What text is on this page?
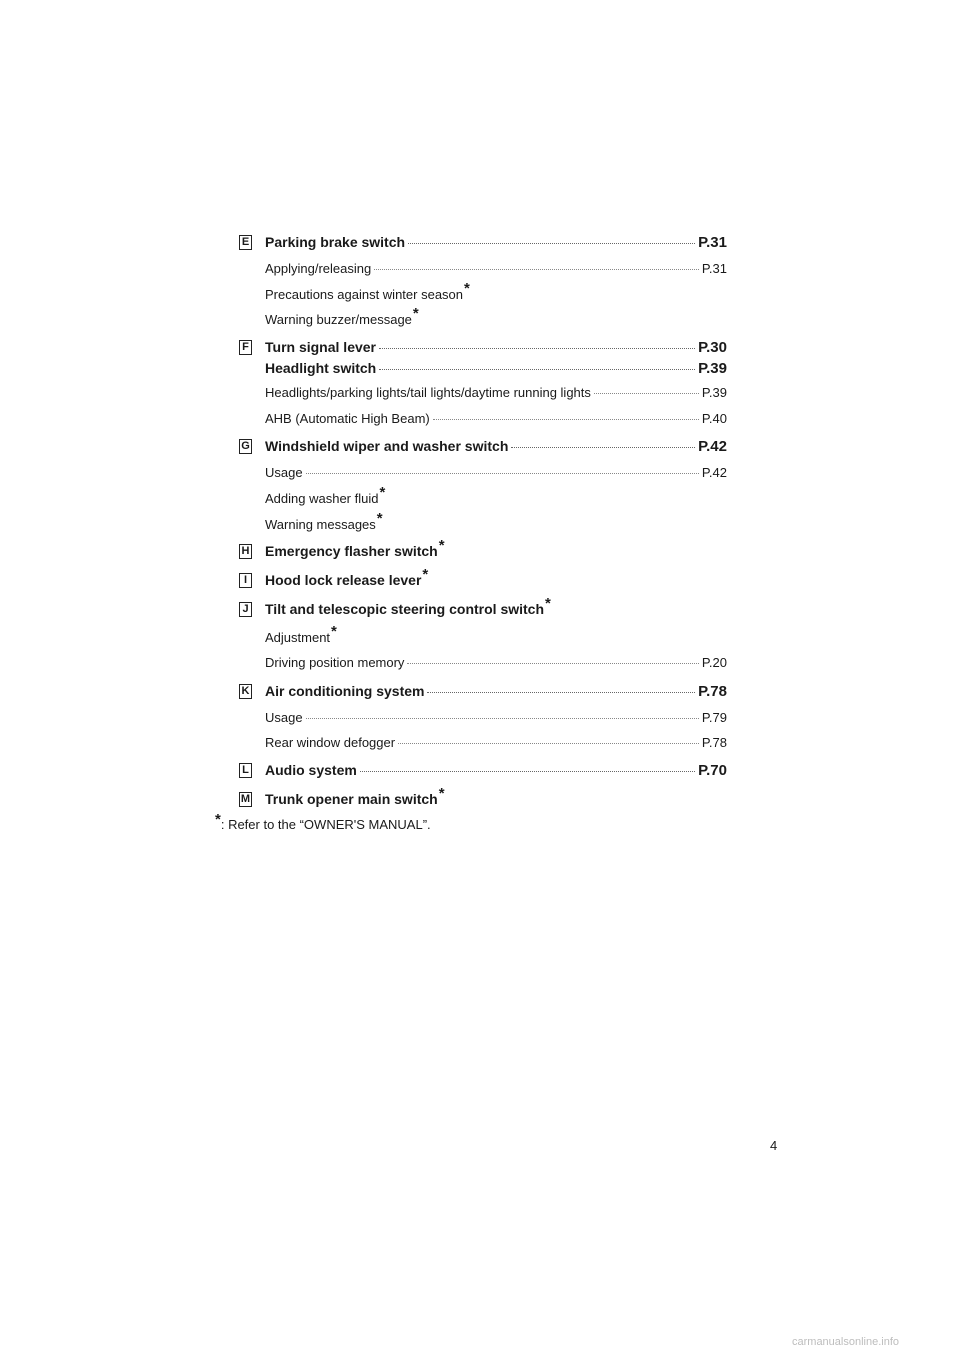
E Parking brake switch	P.31
Applying/releasing	P.31
Precautions against winter season *
Warning buzzer/message *
F Turn signal lever	P.30
Headlight switch	P.39
Headlights/parking lights/tail lights/daytime running lights	P.39
AHB (Automatic High Beam)	P.40
G Windshield wiper and washer switch	P.42
Usage	P.42
Adding washer fluid *
Warning messages *
H Emergency flasher switch *
I	Hood lock release lever *
J Tilt and telescopic steering control switch *
Adjustment *
Driving position memory	P.20
K Air conditioning system	P.78
Usage	P.79
Rear window defogger	P.78
L Audio system	P.70
M Trunk opener main switch *
*: Refer to the “OWNER'S MANUAL”.
4
carmanualsonline.info
